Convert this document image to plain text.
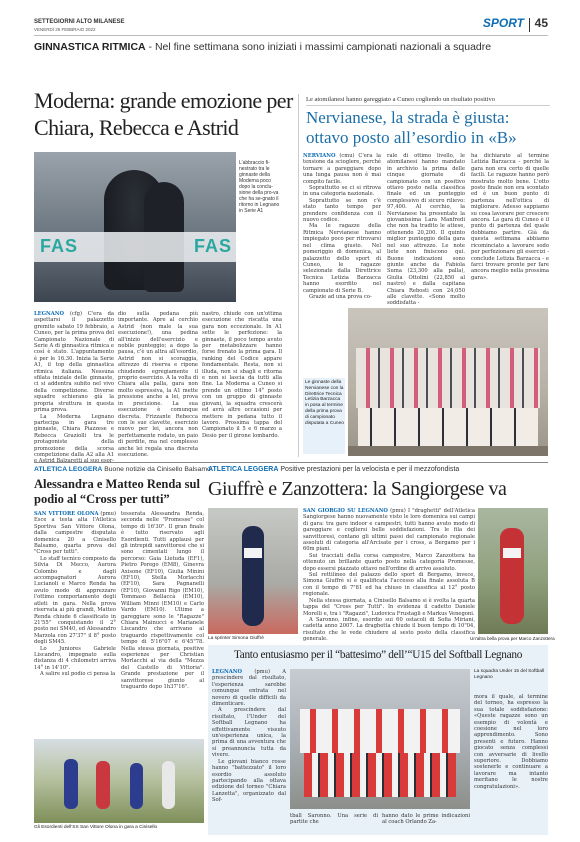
SETTEGIORNI ALTO MILANESE
VENERDÌ 25 FEBBRAIO 2022	SPORT 45
GINNASTICA RITMICA - Nel fine settimana sono iniziati i massimi campionati nazionali a squadre
Moderna: grande emozione per Chiara, Rebecca e Astrid
FAS	FAS
L’abbraccio fi-nestrato tra le ginnaste della Moderna poco dopo la conclu-sione della pro-va che ha se-gnato il ritorno in Legnano in Serie A1

LEGNANO (cfg) C'era da aspettarsi il palazzetto gremito sabato 19 febbraio, a Cuneo, per la prima prova del Campionato Nazionale di Serie A di ginnastica ritmica e così è stato. L'appuntamento è per le 16.30. Inizia la Serie A1, il top della ginnastica ritmica italiana. Nessuna sfilata iniziale delle ginnaste, ci si addentra subito nel vivo della competizione. Diverse squadre schierano già la propria struttura in questa prima prova.

La Moderna Legnano partecipa in gara tre ginnaste, Chiara Piazzese e Rebecca Graziolli tra le protagoniste della promozione della scorsa competizione dalla A2 alla A1

dio sulla pedana più importante. Apre al cerchio Astrid (non male la sua esecuzione!), una pedina all'inizio dell'esercizio e nobile punteggio; a dopo la pausa, c'è un altra all'esordio, Astrid non si scoraggia, attrezzo di riserva e ripone chiudendo egregiamente il proprio esercizio. A la volta di Chiara alla palla, gara non molto espressiva, la A1 mette pressione anche a lei, prova in precisione. La sua esecuzione è comunque discreta. Frizzante Rebecca con le sue clavette, esercizio nuovo per lei, ancora non perfettamente rodato, un paio di perdite, ma nel complesso anche lei regala una discreta esecuzione.
nastro, chiude con un'ottima esecuzione che riscatta una gara non eccezionale. In A1 sette le perfezione: la ginnaste, il poco tempo avuto per metabolizzare hanno forse frenato la prima gara. Il ranking del Codice appare fondamentale. Resta, non si illuda, non si sbagli e ritorna e non si lascia da tutti alla fine. La Moderna a Cuneo si prende un ottimo 14° posto con un gruppo di ginnaste giovani, la squadra crescerà ed avrà altre occasioni per mettere in pedana tutto il lavoro. Prossima tappa del Campionato il 5 e 6 marzo a Desio per il girone lombardo.
Le atomilanesi hanno gareggiato a Cuneo cogliendo un risultato positivo
Nervianese, la strada è giusta: ottavo posto all’esordio in «B»

NERVIANO (cmu) C'era la tensione da scioglere, perché tornare a gareggiare dopo una lunga pausa non è mai compito facile.

Soprattutto se ci si ritrova in una categoria nazionale.

Soprattutto se non c'è stato tanto tempo per prendere confidenza con il nuovo codice.

Ma le ragazze della Ritmica Nervianese hanno impiegato poco per ritrovarsi nel clima giusto. Nel pomeriggio di domenica, al palazzetto dello sport di Cuneo, le ragazze selezionate dalla Direttrice Tecnica Letizia Barzacca hanno esordito nel campionato di Serie B.

Grazie ad una prova co-

rale di ottimo livello, le atomilanesi hanno mandato in archivio la prima delle cinque giornate di campionato con un positivo ottavo posto nella classifica finale ed un punteggio complessivo di sicuro rilievo: 97,400. Al cerchio, la Nervianese ha presentato la giovanissima Lara Manfredi che non ha tradito le attese, ottenendo 20,200. Il quinto miglior punteggio della gara nel suo attrezzo. Le note liete non finiscono qui. Buone indicazioni sono giunte anche da Fabiola Suma (23,300 alla palla), Giulia Ottolini (22,850 al nastro) e dalla capitana Chiara Rebosti con 24,050 alle clavette. «Sono molto soddisfatta -
ha dichiarato al termine Letizia Barzacca - perché la gara non era certo di quelle facili. Le ragazze hanno però mostrato molto bene. L'otto posto finale non era scontato ed è un buon punto di partenza nell'ottica di migliorare. Adesso sappiamo su cosa lavorare per crescere ancora. La gara di Cuneo è il punto di partenza del quale dobbiamo partire. Già da questa settimana abbiamo ricominciato a lavorare sodo per perfezionare gli esercizi - conclude Letizia Barzacca - e farci trovare pronte per fare ancora meglio nella prossima gara».
Le ginnaste della Nervianese con la Direttrice Tecnica Letizia Barzacca in posa al termine della prima prova di campionato disputata a Cuneo
ATLETICA LEGGERA Buone notizie da Cinisello Balsamo
Alessandra e Matteo Renda sul podio al “Cross per tutti”

SAN VITTORE OLONA (pmu) Esce a testa alta l'Atletica Sportiva San Vittore Olona, dalla campestre disputata domenica 20 a Cinisello Balsamo, quarta prova del "Cross per tutti".

Lo staff tecnico composto da Silvia Di Mecco, Aurora Colombo e dagli accompagnatori Aurora Lucianoli e Marco Renda ha avuto modo di apprezzare l'ottimo comportamento degli atleti in gara. Nella prova riservata ai più grandi, Matteo Renda chiude 6 classificato in 21'55" conquistando il 2° posto nei SM40, ed Alessandro Marzola con 27'37" il 8° posto degli SM45.

Lo Juniores Gabriele Liscandro, impegnato sulla distanza di 4 chilometri arriva 14° in 14'10".

A salire sul podio ci pensa la

tesserata Alessandra Renda, seconda nelle "Promesse" col tempo di 16'30". Il gran finale è tutto riservato agli Esordienti. Tutti applausi per gli intrepidi sanvittoresi che si sono cimentati lungo il percorso: Gaia Lietuda (EF1), Pietro Porego (EM8), Ginevra Axisone (EF10), Giulia Minini (EF10), Stella Morlacchi (EF10), Sara Pagnanelli (EF10), Giovanni Rigo (EM10), Tommaso Bellaccà (EM10), William Minni (EM10) e Carlo Vardo (EM10). Ultime a gareggiare sono le "Ragazze" Chiara Mainucci e Marianele Liscandro che arrivano al traguardo rispettivamente col tempo di 5'16"07 e 6'45"78. Nella stessa giornata, positive esperienze per Christian Morlacchi al via della "Mezza del Castello di Vittoria". Grande prestazione per il sanvittorese giunto al traguardo dopo 1h37'16".
Gli Esordienti dell'SS San Vittore Olona in gara a Cinisello
ATLETICA LEGGERA Positive prestazioni per la velocista e per il mezzofondista
Giuffrè e Zanzottera: la Sangiorgese va
La sprinter Simona Giuffrè

SAN GIORGIO SU LEGNANO (pmu) I "draghetti" dell'Atletica Sangiorgese hanno nuovamente visto le loro domenica sui campi di gara: tra gare indoor e campestri, tutti hanno avuto modo di gareggiare e cogliersi belle soddisfazioni. Tra le fila dei sanvittoresi, contano gli ultimi passi del campionato regionale assoluti di categoria all'Arcisate per i cross, a Bergamo per i 60m piani.

Sui tracciati della corsa campestre, Marco Zanzottera ha ottenuto un brillante quarto posto nella categoria Promesse, dopo essersi piazzato ottavo nell'ordine di arrivo assoluto.

Sul rettilineo del palazzo dello sport di Bergamo, invece, Simona Giuffrè si è qualificata l'accesso alla finale assoluta B con il tempo di 7"81 ed ha chiuso in classifica al 12° posto regionale.

Nella stessa giornata, a Cinisello Balsamo si è svolta la quarta tappa del "Cross per Tutti". In evidenza il cadetto Daniele Morelli e, tra i "Ragazzi", Ludovica Frustagli e Markus Venegoni.

A Saronno, infine, esordio sui 60 ostacoli di Sofia Miriani, cadetta anno 2007. La draghetta chiude il buon tempo di 10"04, risultato che le vede chiudere al sesto posto della classifica generale.	Un'altra bella prova per Marco Zanzottera
Tanto entusiasmo per il “battesimo” dell’“U15 del Softball Legnano

LEGNANO (pmu) A prescindere dal risultato, l'esperienza sarebbe comunque entrata nel novero di quelle difficili da dimenticare.

A prescindere dal risultato, l'Under del Softball Legnano ha effettivamente vissuto un'esperienza unica, la prima di una avventura che si preannuncia tutta da vivere.

Le giovani bianco rosse hanno "battezzato" il loro esordio assoluto partecipando alla ottava edizione del torneo "Chiara Lanzetta", organizzato dal Sof-

tball Saronno. Una serie di partite che
hanno dato le prime indicazioni al coach Orlando Za-
La squadra Under 15 del Softball Legnano
mora il quale, al termine del torneo, ha espresso la sua totale soddisfazione: «Queste ragazze sono un esempio di volontà e coesione nel loro apprendimento. Sono presenti e futuro. Hanno giocato senza complessi con avversarie di livello superiore. Dobbiamo sostenerle e continuare a lavorare ma intanto meritano le nostre congratulazioni».
